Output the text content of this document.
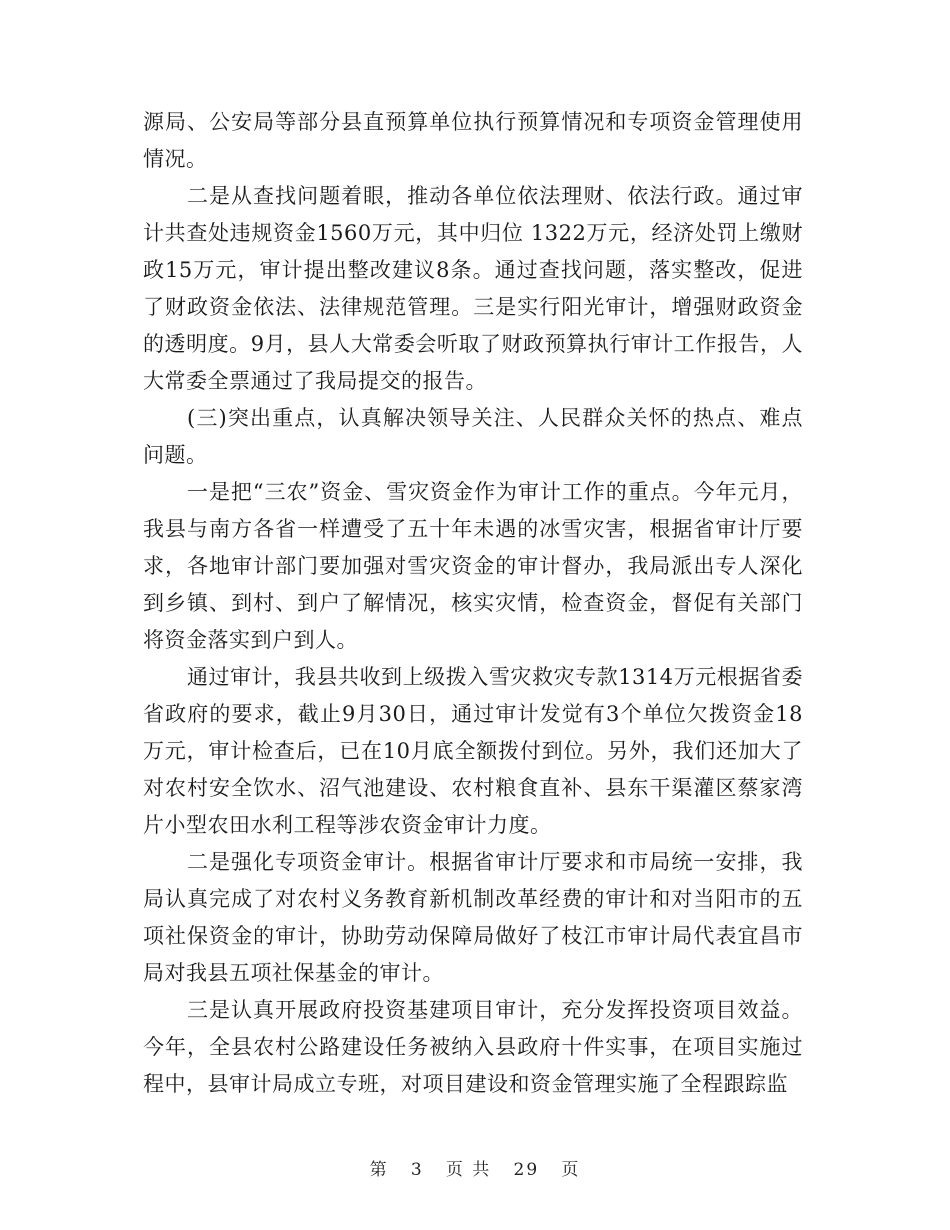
源局、公安局等部分县直预算单位执行预算情况和专项资金管理使用情况。

二是从查找问题着眼，推动各单位依法理财、依法行政。通过审计共查处违规资金1560万元，其中归位 1322万元，经济处罚上缴财政15万元，审计提出整改建议8条。通过查找问题，落实整改，促进了财政资金依法、法律规范管理。三是实行阳光审计，增强财政资金的透明度。9月，县人大常委会听取了财政预算执行审计工作报告，人大常委全票通过了我局提交的报告。

(三)突出重点，认真解决领导关注、人民群众关怀的热点、难点问题。

一是把“三农”资金、雪灾资金作为审计工作的重点。今年元月，我县与南方各省一样遭受了五十年未遇的冰雪灾害，根据省审计厅要求，各地审计部门要加强对雪灾资金的审计督办，我局派出专人深化到乡镇、到村、到户了解情况，核实灾情，检查资金，督促有关部门将资金落实到户到人。

通过审计，我县共收到上级拨入雪灾救灾专款1314万元根据省委省政府的要求，截止9月30日，通过审计发觉有3个单位欠拨资金18万元，审计检查后，已在10月底全额拨付到位。另外，我们还加大了对农村安全饮水、沼气池建设、农村粮食直补、县东干渠灌区蔡家湾片小型农田水利工程等涉农资金审计力度。

二是强化专项资金审计。根据省审计厅要求和市局统一安排，我局认真完成了对农村义务教育新机制改革经费的审计和对当阳市的五项社保资金的审计，协助劳动保障局做好了枝江市审计局代表宜昌市局对我县五项社保基金的审计。

三是认真开展政府投资基建项目审计，充分发挥投资项目效益。今年，全县农村公路建设任务被纳入县政府十件实事，在项目实施过程中，县审计局成立专班，对项目建设和资金管理实施了全程跟踪监

第 3 页 共 29 页
